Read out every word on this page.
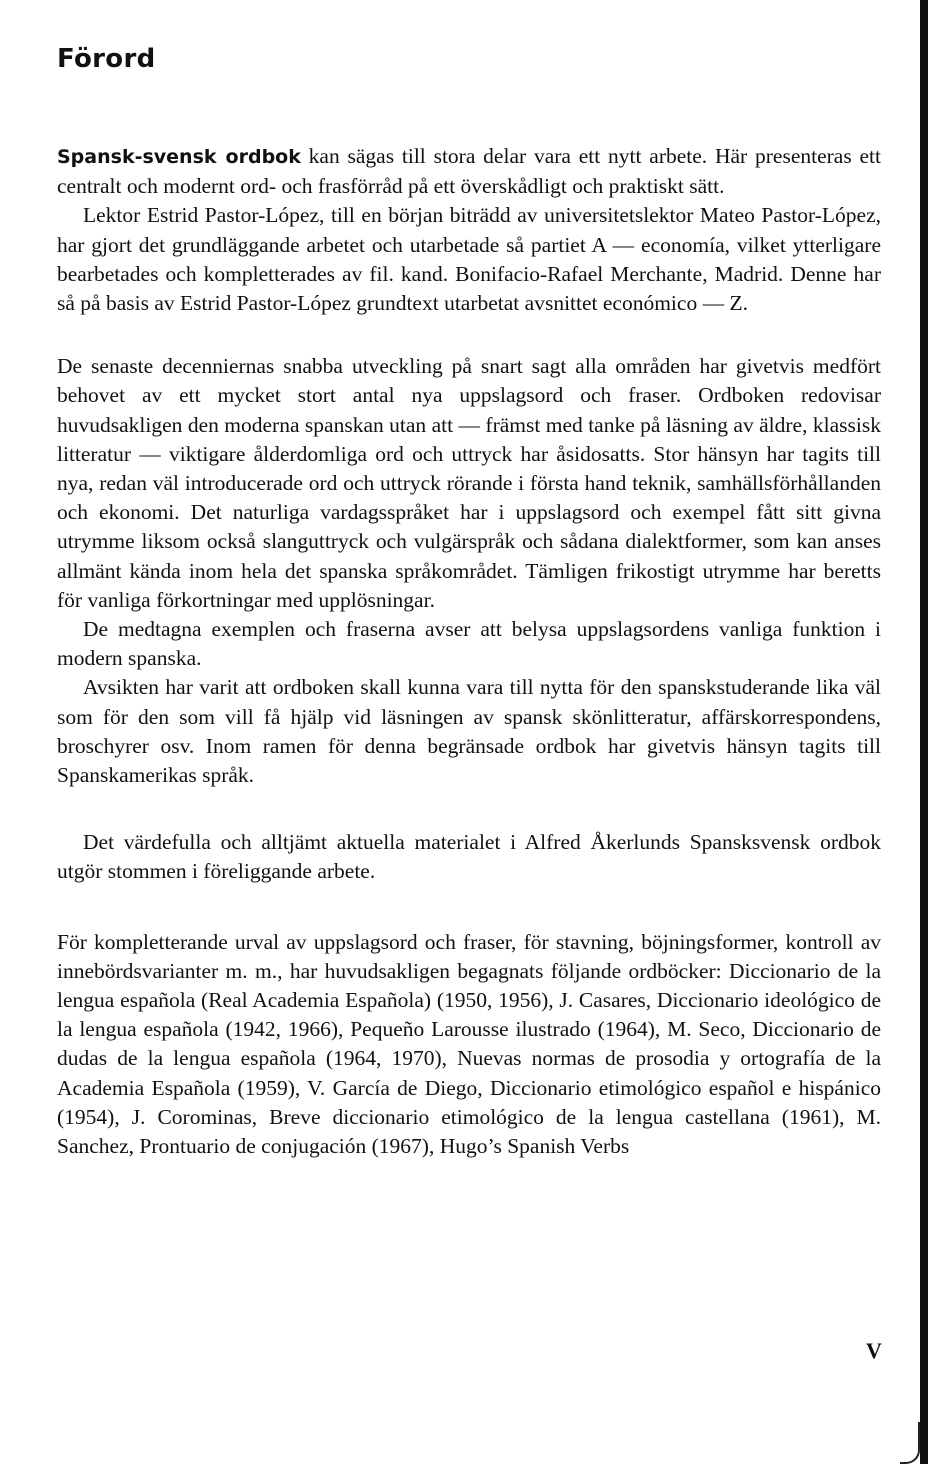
Förord

Spansk-svensk ordbok kan sägas till stora delar vara ett nytt arbete. Här presenteras ett centralt och modernt ord- och frasförråd på ett överskådligt och praktiskt sätt.

Lektor Estrid Pastor-López, till en början biträdd av universitetslektor Mateo Pastor-López, har gjort det grundläggande arbetet och utarbetade så partiet A — economía, vilket ytterligare bearbetades och kompletterades av fil. kand. Bonifacio-Rafael Merchante, Madrid. Denne har så på basis av Estrid Pastor-López grundtext utarbetat avsnittet económico — Z.

De senaste decenniernas snabba utveckling på snart sagt alla områden har givetvis medfört behovet av ett mycket stort antal nya uppslagsord och fraser. Ordboken redovisar huvudsakligen den moderna spanskan utan att — främst med tanke på läsning av äldre, klassisk litteratur — viktigare ålderdomliga ord och uttryck har åsidosatts. Stor hänsyn har tagits till nya, redan väl introducerade ord och uttryck rörande i första hand teknik, samhällsförhållanden och ekonomi. Det naturliga vardagsspråket har i uppslagsord och exempel fått sitt givna utrymme liksom också slanguttryck och vulgärspråk och sådana dialektformer, som kan anses allmänt kända inom hela det spanska språkområdet. Tämligen frikostigt utrymme har beretts för vanliga förkortningar med upplösningar.

De medtagna exemplen och fraserna avser att belysa uppslagsordens vanliga funktion i modern spanska.

Avsikten har varit att ordboken skall kunna vara till nytta för den spanskstuderande lika väl som för den som vill få hjälp vid läsningen av spansk skönlitteratur, affärskorrespondens, broschyrer osv. Inom ramen för denna begränsade ordbok har givetvis hänsyn tagits till Spanskamerikas språk.

Det värdefulla och alltjämt aktuella materialet i Alfred Åkerlunds Spansksvensk ordbok utgör stommen i föreliggande arbete.

För kompletterande urval av uppslagsord och fraser, för stavning, böjningsformer, kontroll av innebördsvarianter m. m., har huvudsakligen begagnats följande ordböcker: Diccionario de la lengua española (Real Academia Española) (1950, 1956), J. Casares, Diccionario ideológico de la lengua española (1942, 1966), Pequeño Larousse ilustrado (1964), M. Seco, Diccionario de dudas de la lengua española (1964, 1970), Nuevas normas de prosodia y ortografía de la Academia Española (1959), V. García de Diego, Diccionario etimológico español e hispánico (1954), J. Corominas, Breve diccionario etimológico de la lengua castellana (1961), M. Sanchez, Prontuario de conjugación (1967), Hugo’s Spanish Verbs

V
